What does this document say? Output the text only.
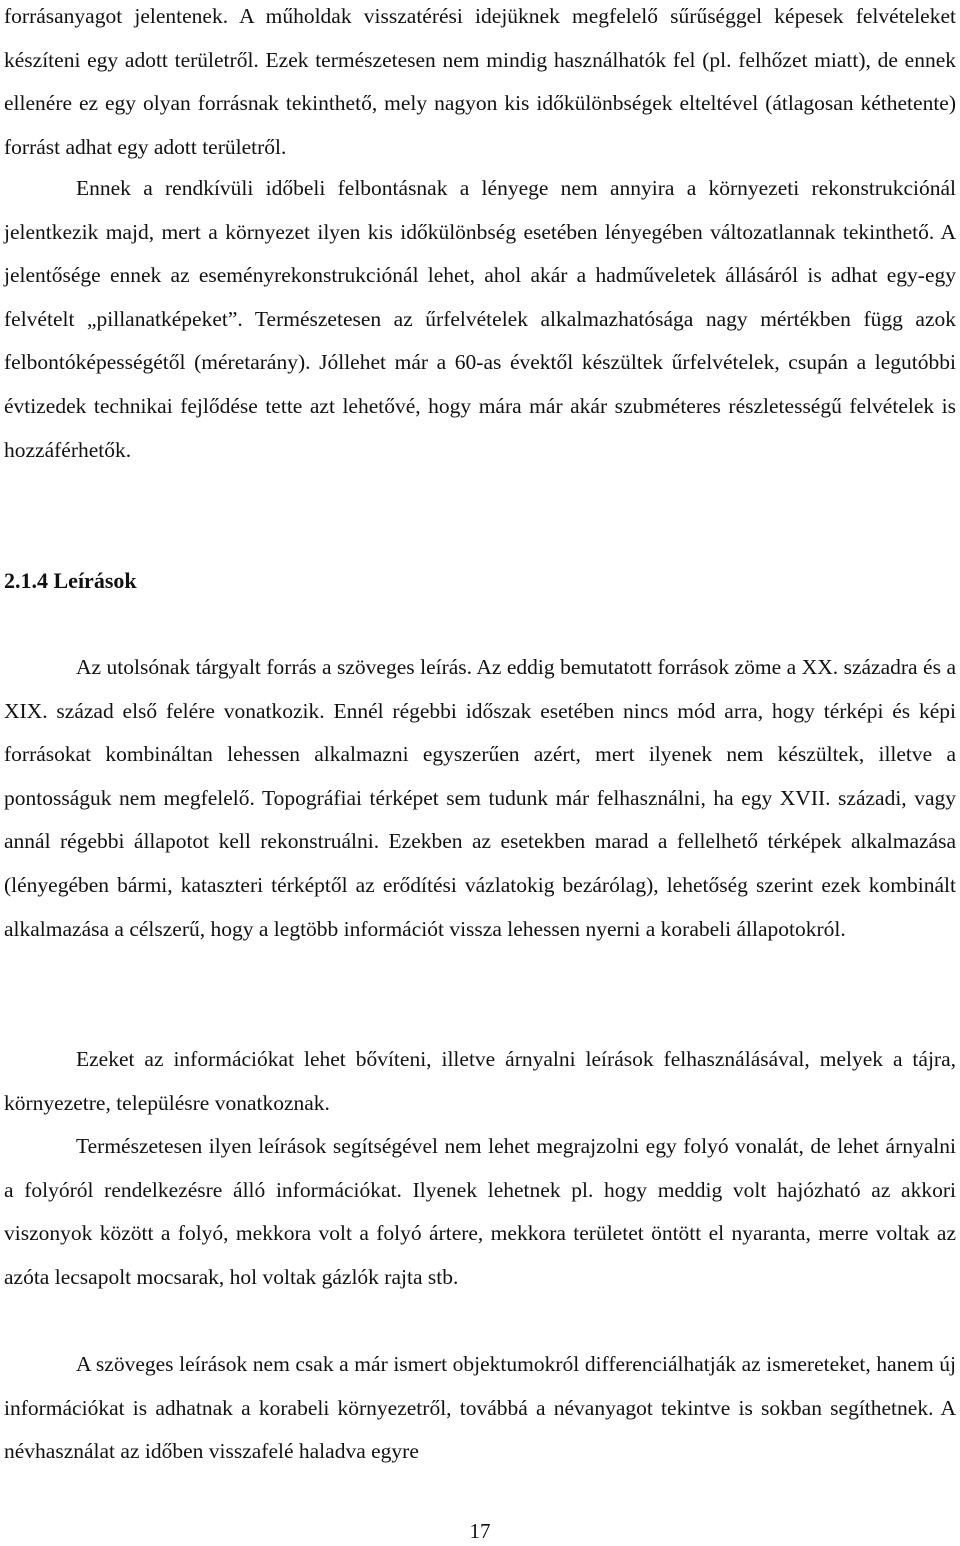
forrásanyagot jelentenek. A műholdak visszatérési idejüknek megfelelő sűrűséggel képesek felvételeket készíteni egy adott területről. Ezek természetesen nem mindig használhatók fel (pl. felhőzet miatt), de ennek ellenére ez egy olyan forrásnak tekinthető, mely nagyon kis időkülönbségek elteltével (átlagosan kéthetente) forrást adhat egy adott területről.

Ennek a rendkívüli időbeli felbontásnak a lényege nem annyira a környezeti rekonstrukciónál jelentkezik majd, mert a környezet ilyen kis időkülönbség esetében lényegében változatlannak tekinthető. A jelentősége ennek az eseményrekonstrukciónál lehet, ahol akár a hadműveletek állásáról is adhat egy-egy felvételt „pillanatképeket”. Természetesen az űrfelvételek alkalmazhatósága nagy mértékben függ azok felbontóképességétől (méretarány). Jóllehet már a 60-as évektől készültek űrfelvételek, csupán a legutóbbi évtizedek technikai fejlődése tette azt lehetővé, hogy mára már akár szubméteres részletességű felvételek is hozzáférhetők.

2.1.4 Leírások

Az utolsónak tárgyalt forrás a szöveges leírás. Az eddig bemutatott források zöme a XX. századra és a XIX. század első felére vonatkozik. Ennél régebbi időszak esetében nincs mód arra, hogy térképi és képi forrásokat kombináltan lehessen alkalmazni egyszerűen azért, mert ilyenek nem készültek, illetve a pontosságuk nem megfelelő. Topográfiai térképet sem tudunk már felhasználni, ha egy XVII. századi, vagy annál régebbi állapotot kell rekonstruálni. Ezekben az esetekben marad a fellelhető térképek alkalmazása (lényegében bármi, kataszteri térképtől az erődítési vázlatokig bezárólag), lehetőség szerint ezek kombinált alkalmazása a célszerű, hogy a legtöbb információt vissza lehessen nyerni a korabeli állapotokról.

Ezeket az információkat lehet bővíteni, illetve árnyalni leírások felhasználásával, melyek a tájra, környezetre, településre vonatkoznak.

Természetesen ilyen leírások segítségével nem lehet megrajzolni egy folyó vonalát, de lehet árnyalni a folyóról rendelkezésre álló információkat. Ilyenek lehetnek pl. hogy meddig volt hajózható az akkori viszonyok között a folyó, mekkora volt a folyó ártere, mekkora területet öntött el nyaranta, merre voltak az azóta lecsapolt mocsarak, hol voltak gázlók rajta stb.

A szöveges leírások nem csak a már ismert objektumokról differenciálhatják az ismereteket, hanem új információkat is adhatnak a korabeli környezetről, továbbá a névanyagot tekintve is sokban segíthetnek. A névhasználat az időben visszafelé haladva egyre

17
